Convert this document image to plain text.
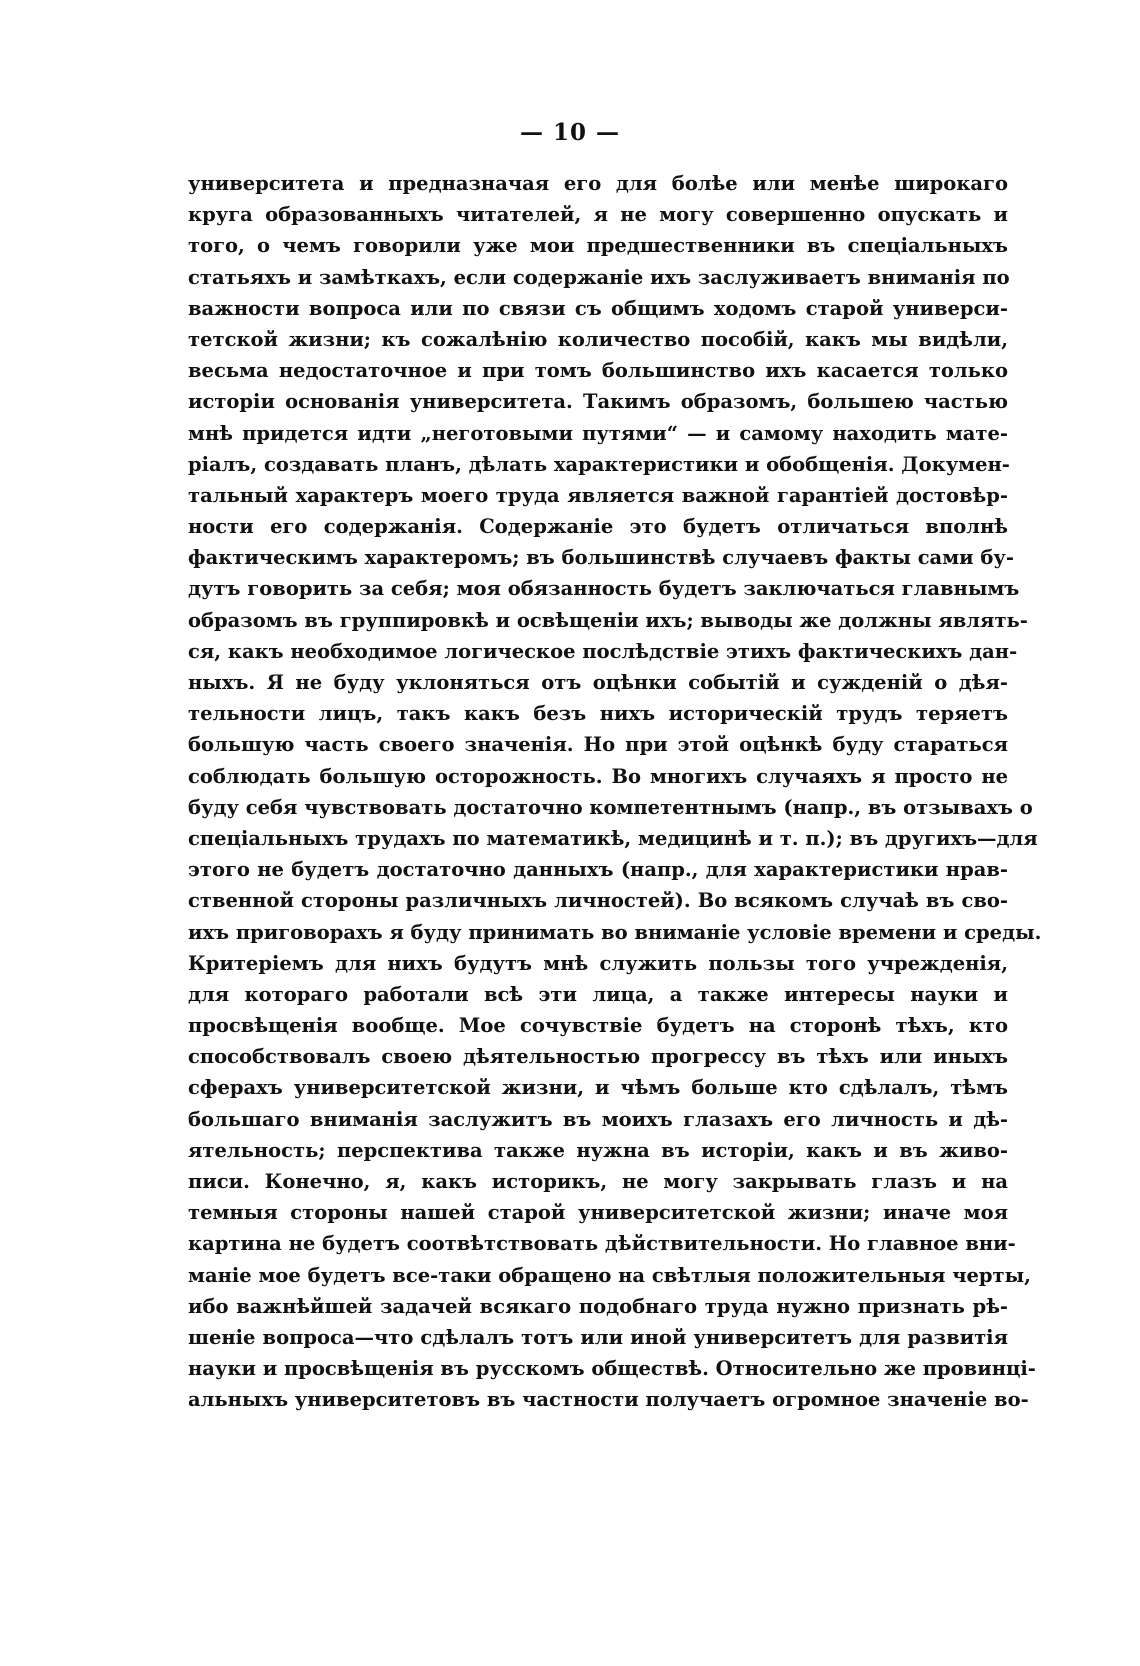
— 10 —
университета и предназначая его для болѣе или менѣе широкаго
круга образованныхъ читателей, я не могу совершенно опускать и
того, о чемъ говорили уже мои предшественники въ спеціальныхъ
статьяхъ и замѣткахъ, если содержаніе ихъ заслуживаетъ вниманія по
важности вопроса или по связи съ общимъ ходомъ старой универси-
тетской жизни; къ сожалѣнію количество пособій, какъ мы видѣли,
весьма недостаточное и при томъ большинство ихъ касается только
исторіи основанія университета. Такимъ образомъ, большею частью
мнѣ придется идти „неготовыми путями“ — и самому находить мате-
ріалъ, создавать планъ, дѣлать характеристики и обобщенія. Докумен-
тальный характеръ моего труда является важной гарантіей достовѣр-
ности его содержанія. Содержаніе это будетъ отличаться вполнѣ
фактическимъ характеромъ; въ большинствѣ случаевъ факты сами бу-
дутъ говорить за себя; моя обязанность будетъ заключаться главнымъ
образомъ въ группировкѣ и освѣщеніи ихъ; выводы же должны являть-
ся, какъ необходимое логическое послѣдствіе этихъ фактическихъ дан-
ныхъ. Я не буду уклоняться отъ оцѣнки событій и сужденій о дѣя-
тельности лицъ, такъ какъ безъ нихъ историческій трудъ теряетъ
большую часть своего значенія. Но при этой оцѣнкѣ буду стараться
соблюдать большую осторожность. Во многихъ случаяхъ я просто не
буду себя чувствовать достаточно компетентнымъ (напр., въ отзывахъ о
спеціальныхъ трудахъ по математикѣ, медицинѣ и т. п.); въ другихъ—для
этого не будетъ достаточно данныхъ (напр., для характеристики нрав-
ственной стороны различныхъ личностей). Во всякомъ случаѣ въ сво-
ихъ приговорахъ я буду принимать во вниманіе условіе времени и среды.
Критеріемъ для нихъ будутъ мнѣ служить пользы того учрежденія,
для котораго работали всѣ эти лица, а также интересы науки и
просвѣщенія вообще. Мое сочувствіе будетъ на сторонѣ тѣхъ, кто
способствовалъ своею дѣятельностью прогрессу въ тѣхъ или иныхъ
сферахъ университетской жизни, и чѣмъ больше кто сдѣлалъ, тѣмъ
большаго вниманія заслужитъ въ моихъ глазахъ его личность и дѣ-
ятельность; перспектива также нужна въ исторіи, какъ и въ живо-
писи. Конечно, я, какъ историкъ, не могу закрывать глазъ и на
темныя стороны нашей старой университетской жизни; иначе моя
картина не будетъ соотвѣтствовать дѣйствительности. Но главное вни-
маніе мое будетъ все-таки обращено на свѣтлыя положительныя черты,
ибо важнѣйшей задачей всякаго подобнаго труда нужно признать рѣ-
шеніе вопроса—что сдѣлалъ тотъ или иной университетъ для развитія
науки и просвѣщенія въ русскомъ обществѣ. Относительно же провинці-
альныхъ университетовъ въ частности получаетъ огромное значеніе во-
